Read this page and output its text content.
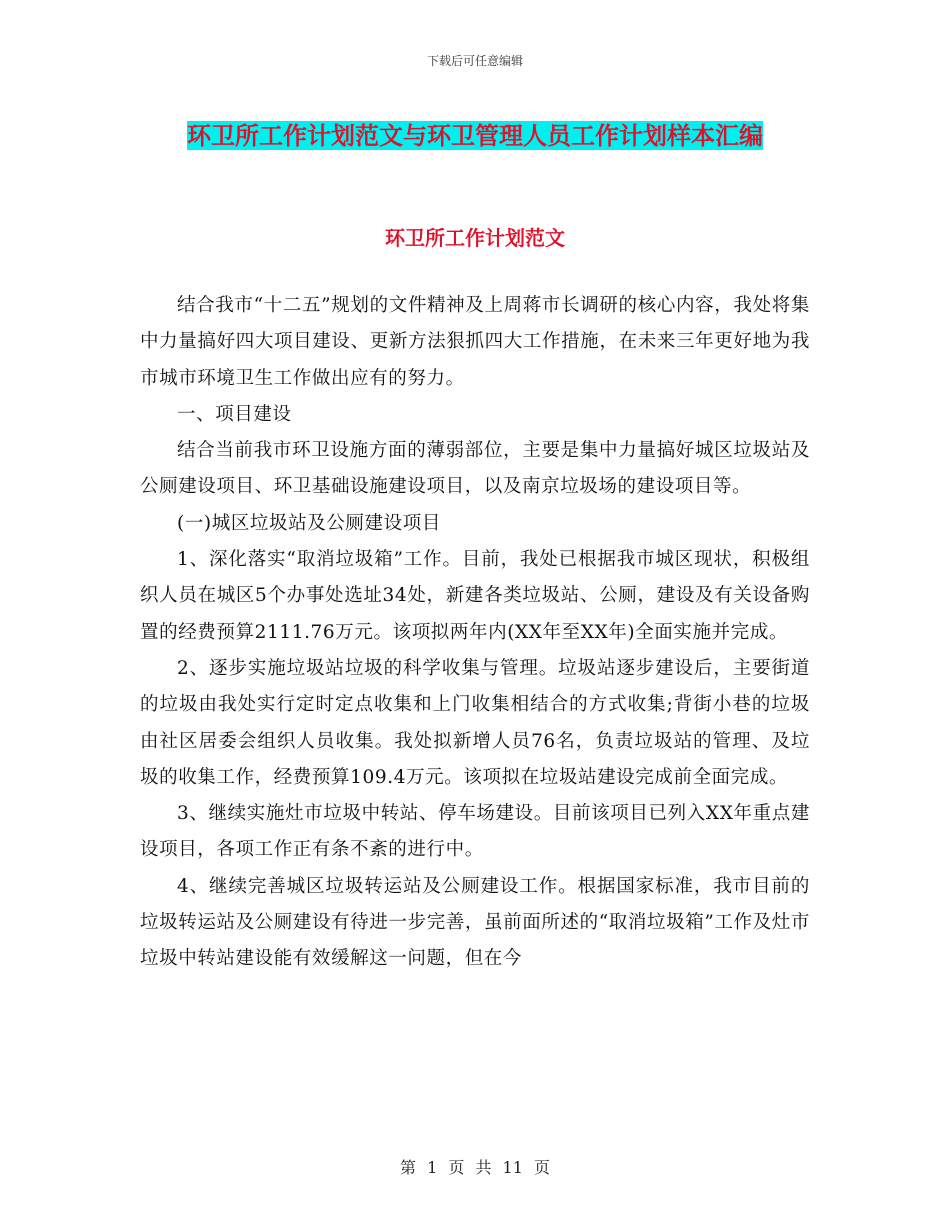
下载后可任意编辑
环卫所工作计划范文与环卫管理人员工作计划样本汇编
环卫所工作计划范文

结合我市“十二五”规划的文件精神及上周蒋市长调研的核心内容，我处将集中力量搞好四大项目建设、更新方法狠抓四大工作措施，在未来三年更好地为我市城市环境卫生工作做出应有的努力。

一、项目建设

结合当前我市环卫设施方面的薄弱部位，主要是集中力量搞好城区垃圾站及公厕建设项目、环卫基础设施建设项目，以及南京垃圾场的建设项目等。

(一)城区垃圾站及公厕建设项目

1、深化落实“取消垃圾箱”工作。目前，我处已根据我市城区现状，积极组织人员在城区5个办事处选址34处，新建各类垃圾站、公厕，建设及有关设备购置的经费预算2111.76万元。该项拟两年内(XX年至XX年)全面实施并完成。

2、逐步实施垃圾站垃圾的科学收集与管理。垃圾站逐步建设后，主要街道的垃圾由我处实行定时定点收集和上门收集相结合的方式收集;背街小巷的垃圾由社区居委会组织人员收集。我处拟新增人员76名，负责垃圾站的管理、及垃圾的收集工作，经费预算109.4万元。该项拟在垃圾站建设完成前全面完成。

3、继续实施灶市垃圾中转站、停车场建设。目前该项目已列入XX年重点建设项目，各项工作正有条不紊的进行中。

4、继续完善城区垃圾转运站及公厕建设工作。根据国家标准，我市目前的垃圾转运站及公厕建设有待进一步完善，虽前面所述的“取消垃圾箱”工作及灶市垃圾中转站建设能有效缓解这一问题，但在今

第 1 页 共 11 页
